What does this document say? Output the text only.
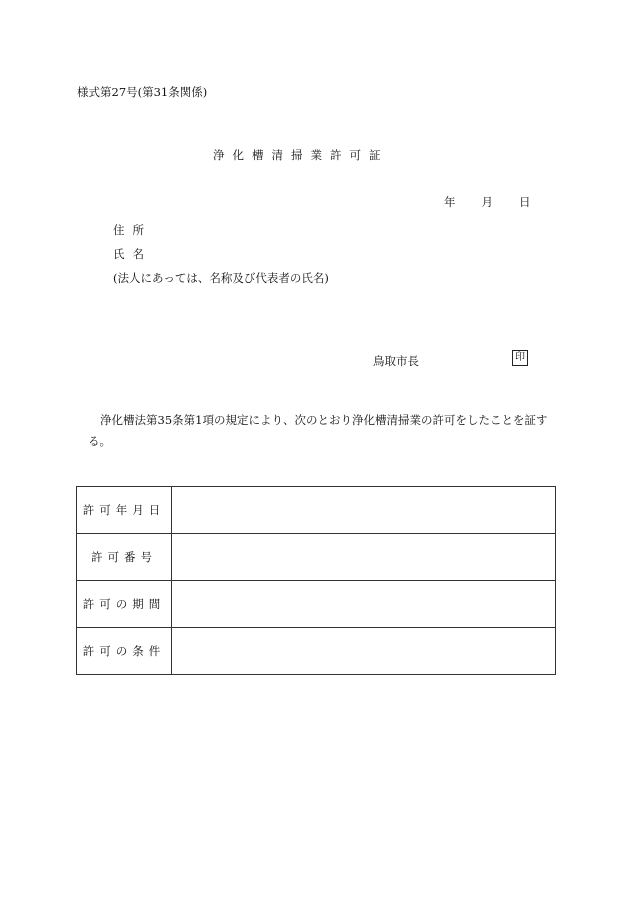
様式第27号(第31条関係)
浄化槽清掃業許可証
年 月 日
住所
氏名
(法人にあっては、名称及び代表者の氏名)
鳥取市長	印
浄化槽法第35条第1項の規定により、次のとおり浄化槽清掃業の許可をしたことを証する。
許可年月日	
許可番号	
許可の期間	
許可の条件	
